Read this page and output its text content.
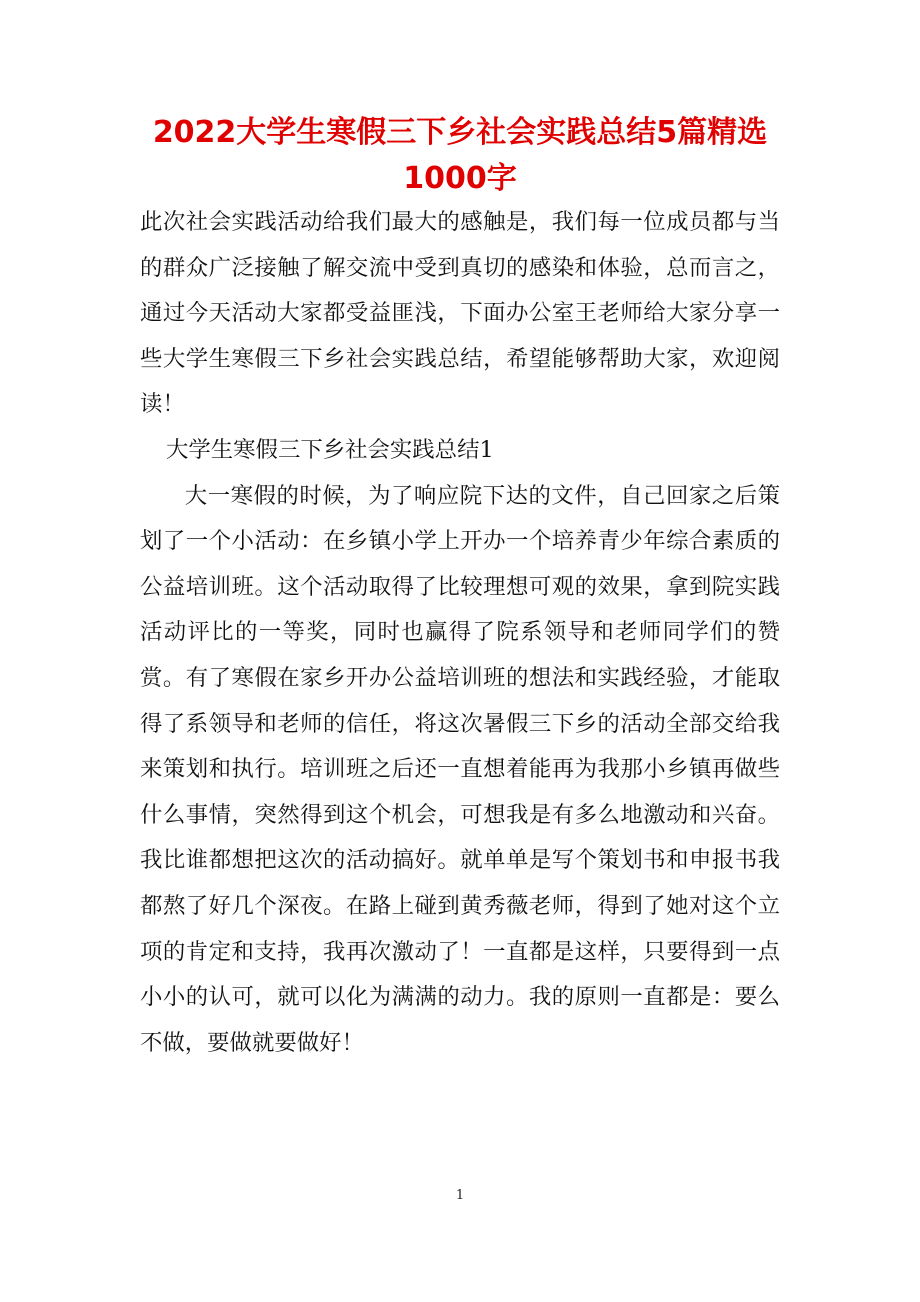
2022大学生寒假三下乡社会实践总结5篇精选1000字

此次社会实践活动给我们最大的感触是，我们每一位成员都与当的群众广泛接触了解交流中受到真切的感染和体验，总而言之，通过今天活动大家都受益匪浅，下面办公室王老师给大家分享一些大学生寒假三下乡社会实践总结，希望能够帮助大家，欢迎阅读！

大学生寒假三下乡社会实践总结1

大一寒假的时候，为了响应院下达的文件，自己回家之后策划了一个小活动：在乡镇小学上开办一个培养青少年综合素质的公益培训班。这个活动取得了比较理想可观的效果，拿到院实践活动评比的一等奖，同时也赢得了院系领导和老师同学们的赞赏。有了寒假在家乡开办公益培训班的想法和实践经验，才能取得了系领导和老师的信任，将这次暑假三下乡的活动全部交给我来策划和执行。培训班之后还一直想着能再为我那小乡镇再做些什么事情，突然得到这个机会，可想我是有多么地激动和兴奋。我比谁都想把这次的活动搞好。就单单是写个策划书和申报书我都熬了好几个深夜。在路上碰到黄秀薇老师，得到了她对这个立项的肯定和支持，我再次激动了！一直都是这样，只要得到一点小小的认可，就可以化为满满的动力。我的原则一直都是：要么不做，要做就要做好！

1
